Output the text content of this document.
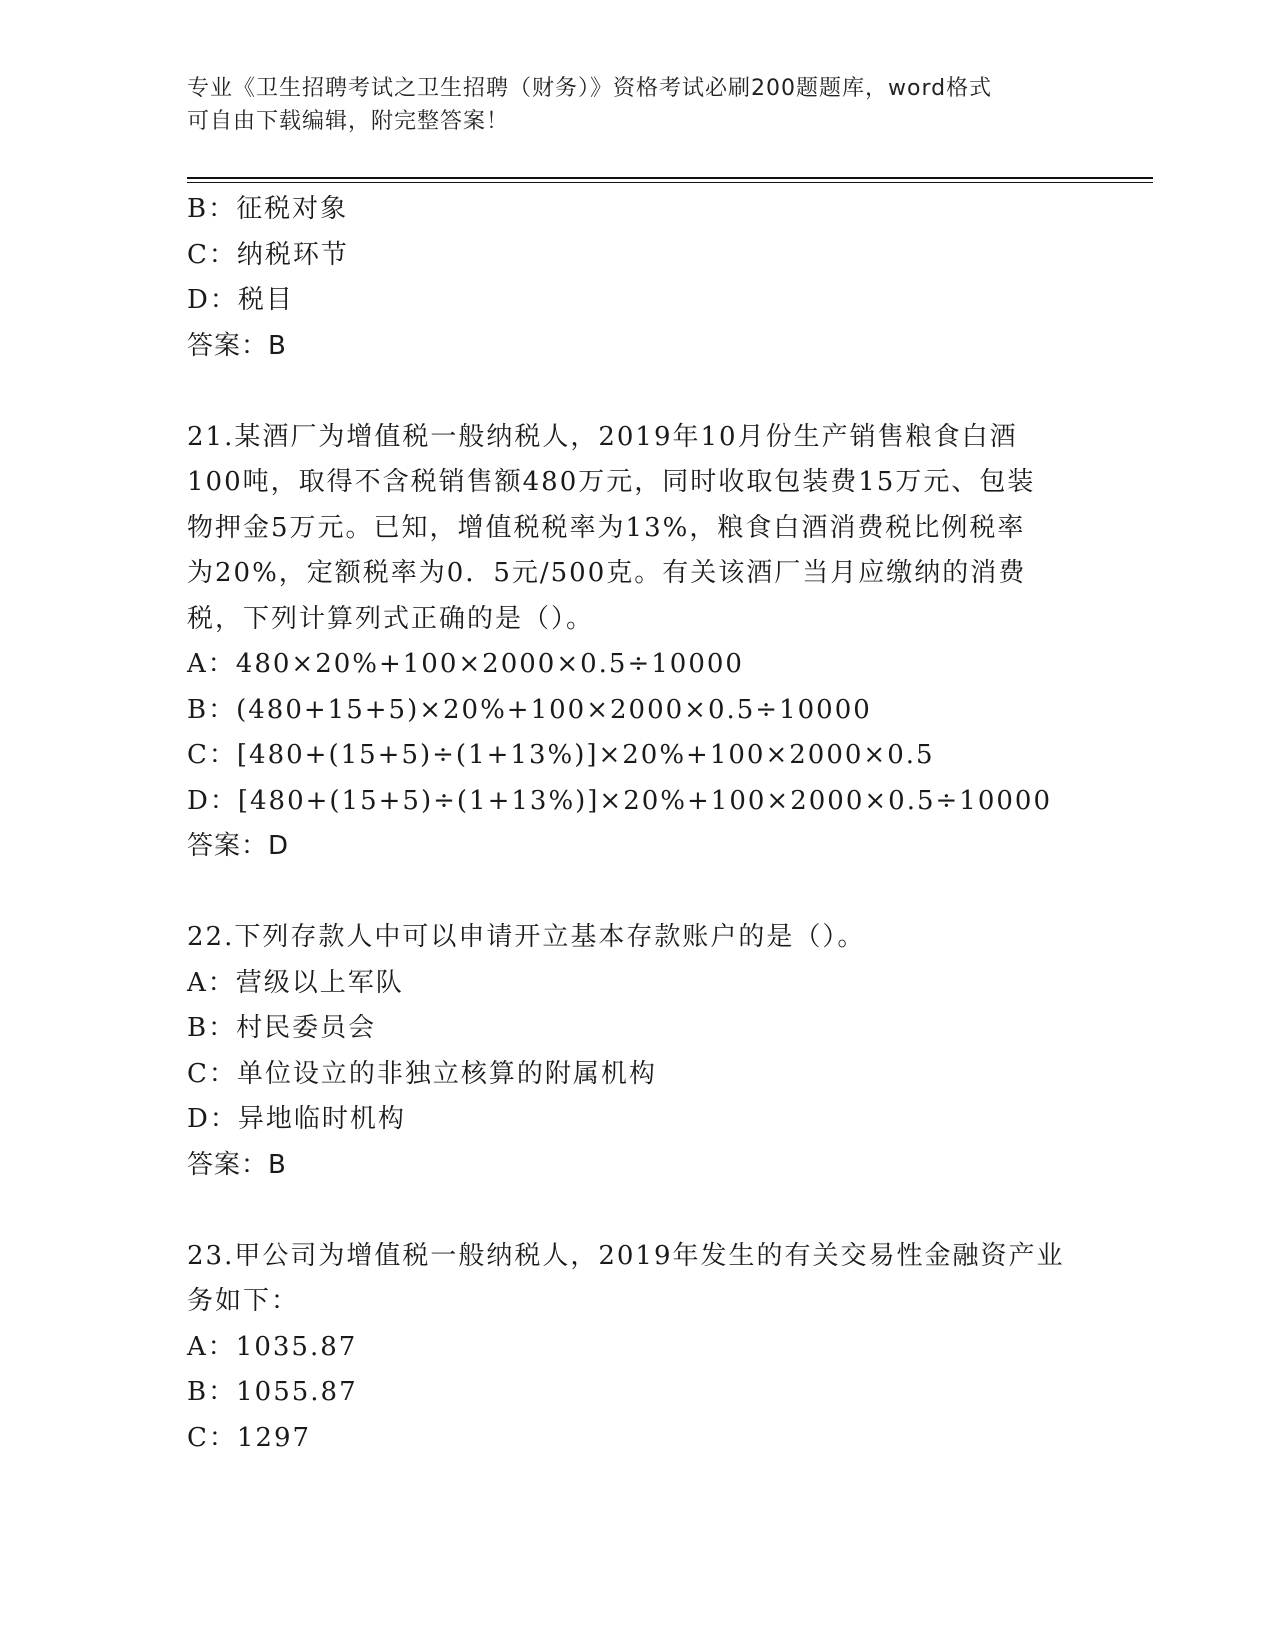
专业《卫生招聘考试之卫生招聘（财务）》资格考试必刷200题题库，word格式
可自由下载编辑，附完整答案！
B：征税对象
C：纳税环节
D：税目
答案：B
21.某酒厂为增值税一般纳税人，2019年10月份生产销售粮食白酒
100吨，取得不含税销售额480万元，同时收取包装费15万元、包装
物押金5万元。已知，增值税税率为13%，粮食白酒消费税比例税率
为20%，定额税率为0．5元/500克。有关该酒厂当月应缴纳的消费
税，下列计算列式正确的是（）。
A：480×20%+100×2000×0.5÷10000
B：(480+15+5)×20%+100×2000×0.5÷10000
C：[480+(15+5)÷(1+13%)]×20%+100×2000×0.5
D：[480+(15+5)÷(1+13%)]×20%+100×2000×0.5÷10000
答案：D
22.下列存款人中可以申请开立基本存款账户的是（）。
A：营级以上军队
B：村民委员会
C：单位设立的非独立核算的附属机构
D：异地临时机构
答案：B
23.甲公司为增值税一般纳税人，2019年发生的有关交易性金融资产业
务如下：
A：1035.87
B：1055.87
C：1297
